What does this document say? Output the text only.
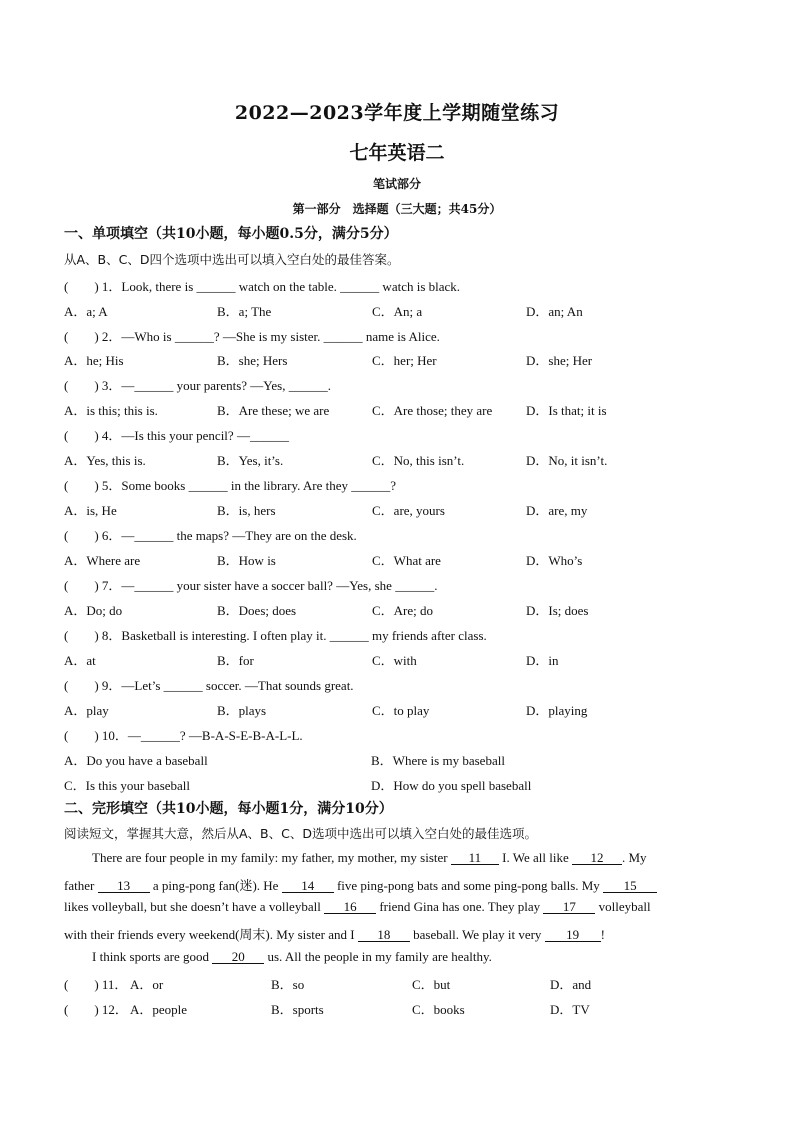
2022—2023学年度上学期随堂练习
七年英语二
笔试部分
第一部分　选择题（三大题；共45分）
一、单项填空（共10小题，每小题0.5分，满分5分）
从A、B、C、D四个选项中选出可以填入空白处的最佳答案。
(　　) 1．Look, there is ______ watch on the table. ______ watch is black.
A．a; A	B．a; The	C．An; a	D．an; An
(　　) 2．—Who is ______? —She is my sister. ______ name is Alice.
A．he; His	B．she; Hers	C．her; Her	D．she; Her
(　　) 3．—______ your parents? —Yes, ______.
A．is this; this is.	B．Are these; we are	C．Are those; they are	D．Is that; it is
(　　) 4．—Is this your pencil? —______
A．Yes, this is.	B．Yes, it’s.	C．No, this isn’t.	D．No, it isn’t.
(　　) 5．Some books ______ in the library. Are they ______?
A．is, He	B．is, hers	C．are, yours	D．are, my
(　　) 6．—______ the maps? —They are on the desk.
A．Where are	B．How is	C．What are	D．Who’s
(　　) 7．—______ your sister have a soccer ball? —Yes, she ______.
A．Do; do	B．Does; does	C．Are; do	D．Is; does
(　　) 8．Basketball is interesting. I often play it. ______ my friends after class.
A．at	B．for	C．with	D．in
(　　) 9．—Let’s ______ soccer. —That sounds great.
A．play	B．plays	C．to play	D．playing
(　　) 10．—______? —B-A-S-E-B-A-L-L.
A．Do you have a baseball	B．Where is my baseball
C．Is this your baseball	D．How do you spell baseball
二、完形填空（共10小题，每小题1分，满分10分）
阅读短文，掌握其大意，然后从A、B、C、D选项中选出可以填入空白处的最佳选项。
There are four people in my family: my father, my mother, my sister 11 I. We all like 12 . My
father 13 a ping-pong fan(迷). He 14 five ping-pong bats and some ping-pong balls. My 15
likes volleyball, but she doesn’t have a volleyball 16 friend Gina has one. They play 17 volleyball
with their friends every weekend(周末). My sister and I 18 baseball. We play it very 19 !
I think sports are good 20 us. All the people in my family are healthy.
(　　) 11． A．or	B．so	C．but	D．and
(　　) 12． A．people	B．sports	C．books	D．TV
